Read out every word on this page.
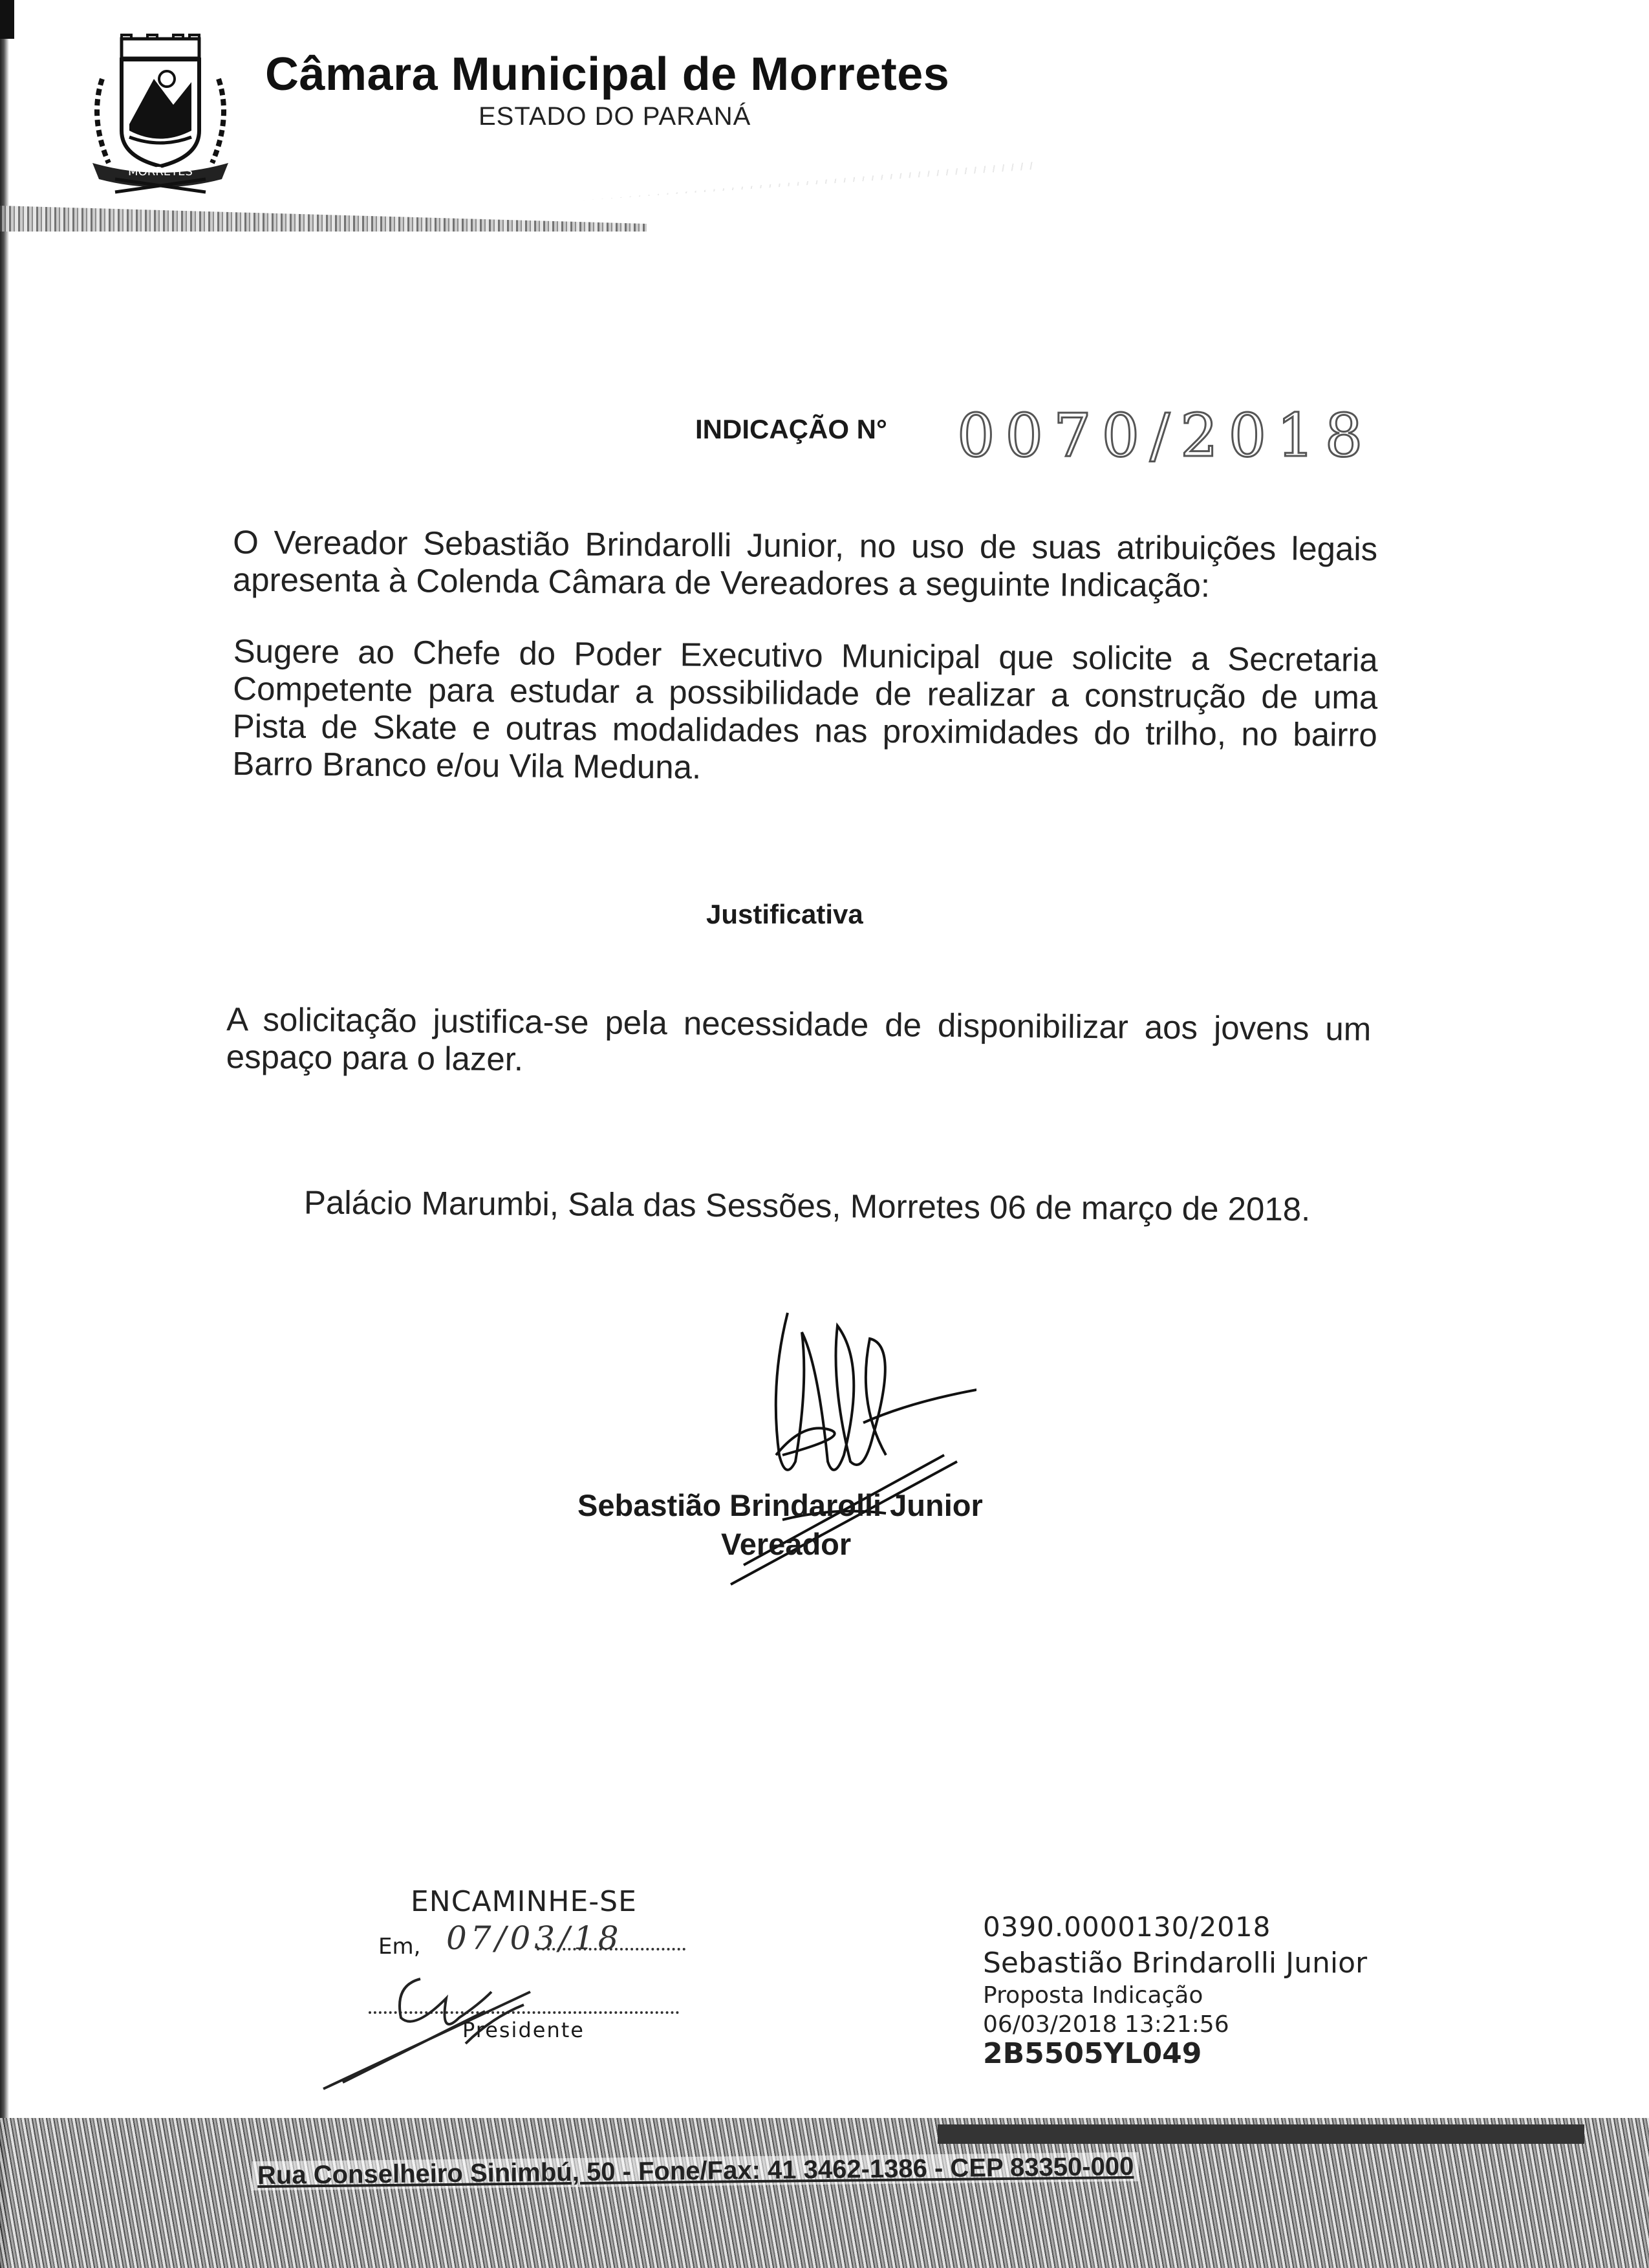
MORRETES
Câmara Municipal de Morretes
ESTADO DO PARANÁ
INDICAÇÃO N° 0070/2018
O Vereador Sebastião Brindarolli Junior, no uso de suas atribuições legais apresenta à Colenda Câmara de Vereadores a seguinte Indicação:
Sugere ao Chefe do Poder Executivo Municipal que solicite a Secretaria Competente para estudar a possibilidade de realizar a construção de uma Pista de Skate e outras modalidades nas proximidades do trilho, no bairro Barro Branco e/ou Vila Meduna.
Justificativa
A solicitação justifica-se pela necessidade de disponibilizar aos jovens um espaço para o lazer.
Palácio Marumbi, Sala das Sessões, Morretes 06 de março de 2018.
Sebastião Brindarolli Junior
Vereador
ENCAMINHE-SE
Em, 07/03/18
Presidente
0390.0000130/2018
Sebastião Brindarolli Junior
Proposta Indicação
06/03/2018 13:21:56
2B5505YL049
Rua Conselheiro Sinimbú, 50 - Fone/Fax: 41 3462-1386 - CEP 83350-000
